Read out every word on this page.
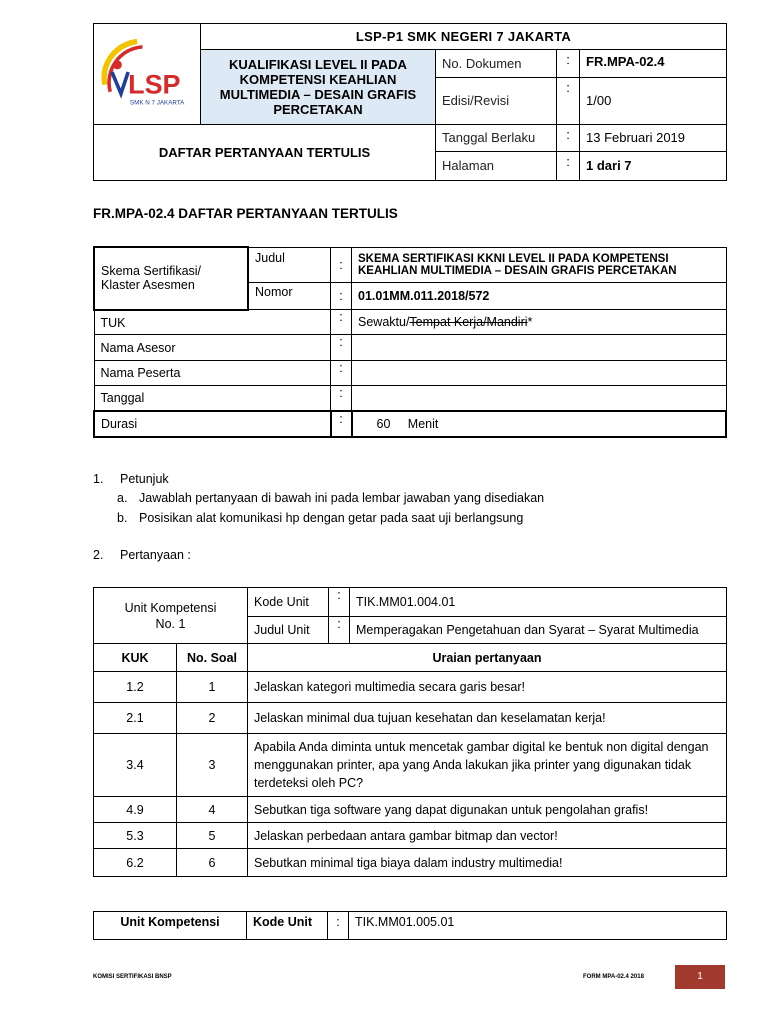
LSP
SMK N 7 JAKARTA	LSP-P1 SMK NEGERI 7 JAKARTA			
	KUALIFIKASI LEVEL II PADA KOMPETENSI KEAHLIAN MULTIMEDIA – DESAIN GRAFIS PERCETAKAN	No. Dokumen	:	FR.MPA-02.4
		Edisi/Revisi	:	1/00
DAFTAR PERTANYAAN TERTULIS		Tanggal Berlaku	:	13 Februari 2019
		Halaman	:	1 dari 7
FR.MPA-02.4 DAFTAR PERTANYAAN TERTULIS
Skema Sertifikasi/ Klaster Asesmen	Judul	:	SKEMA SERTIFIKASI KKNI LEVEL II PADA KOMPETENSI KEAHLIAN MULTIMEDIA – DESAIN GRAFIS PERCETAKAN
	Nomor	:	01.01MM.011.2018/572
TUK		:	Sewaktu/Tempat Kerja/Mandiri*
Nama Asesor		:	
Nama Peserta		:	
Tanggal		:	
Durasi		:	60 Menit
1. Petunjuk
a. Jawablah pertanyaan di bawah ini pada lembar jawaban yang disediakan
b. Posisikan alat komunikasi hp dengan getar pada saat uji berlangsung
2. Pertanyaan :
Unit Kompetensi
No. 1		Kode Unit	:	TIK.MM01.004.01
		Judul Unit	:	Memperagakan Pengetahuan dan Syarat – Syarat Multimedia
KUK	No. Soal	Uraian pertanyaan		
1.2	1	Jelaskan kategori multimedia secara garis besar!		
2.1	2	Jelaskan minimal dua tujuan kesehatan dan keselamatan kerja!		
3.4	3	Apabila Anda diminta untuk mencetak gambar digital ke bentuk non digital dengan menggunakan printer, apa yang Anda lakukan jika printer yang digunakan tidak terdeteksi oleh PC?		
4.9	4	Sebutkan tiga software yang dapat digunakan untuk pengolahan grafis!		
5.3	5	Jelaskan perbedaan antara gambar bitmap dan vector!		
6.2	6	Sebutkan minimal tiga biaya dalam industry multimedia!		
Unit Kompetensi	Kode Unit	:	TIK.MM01.005.01
KOMISI SERTIFIKASI BNSP	FORM MPA-02.4 2018	1
